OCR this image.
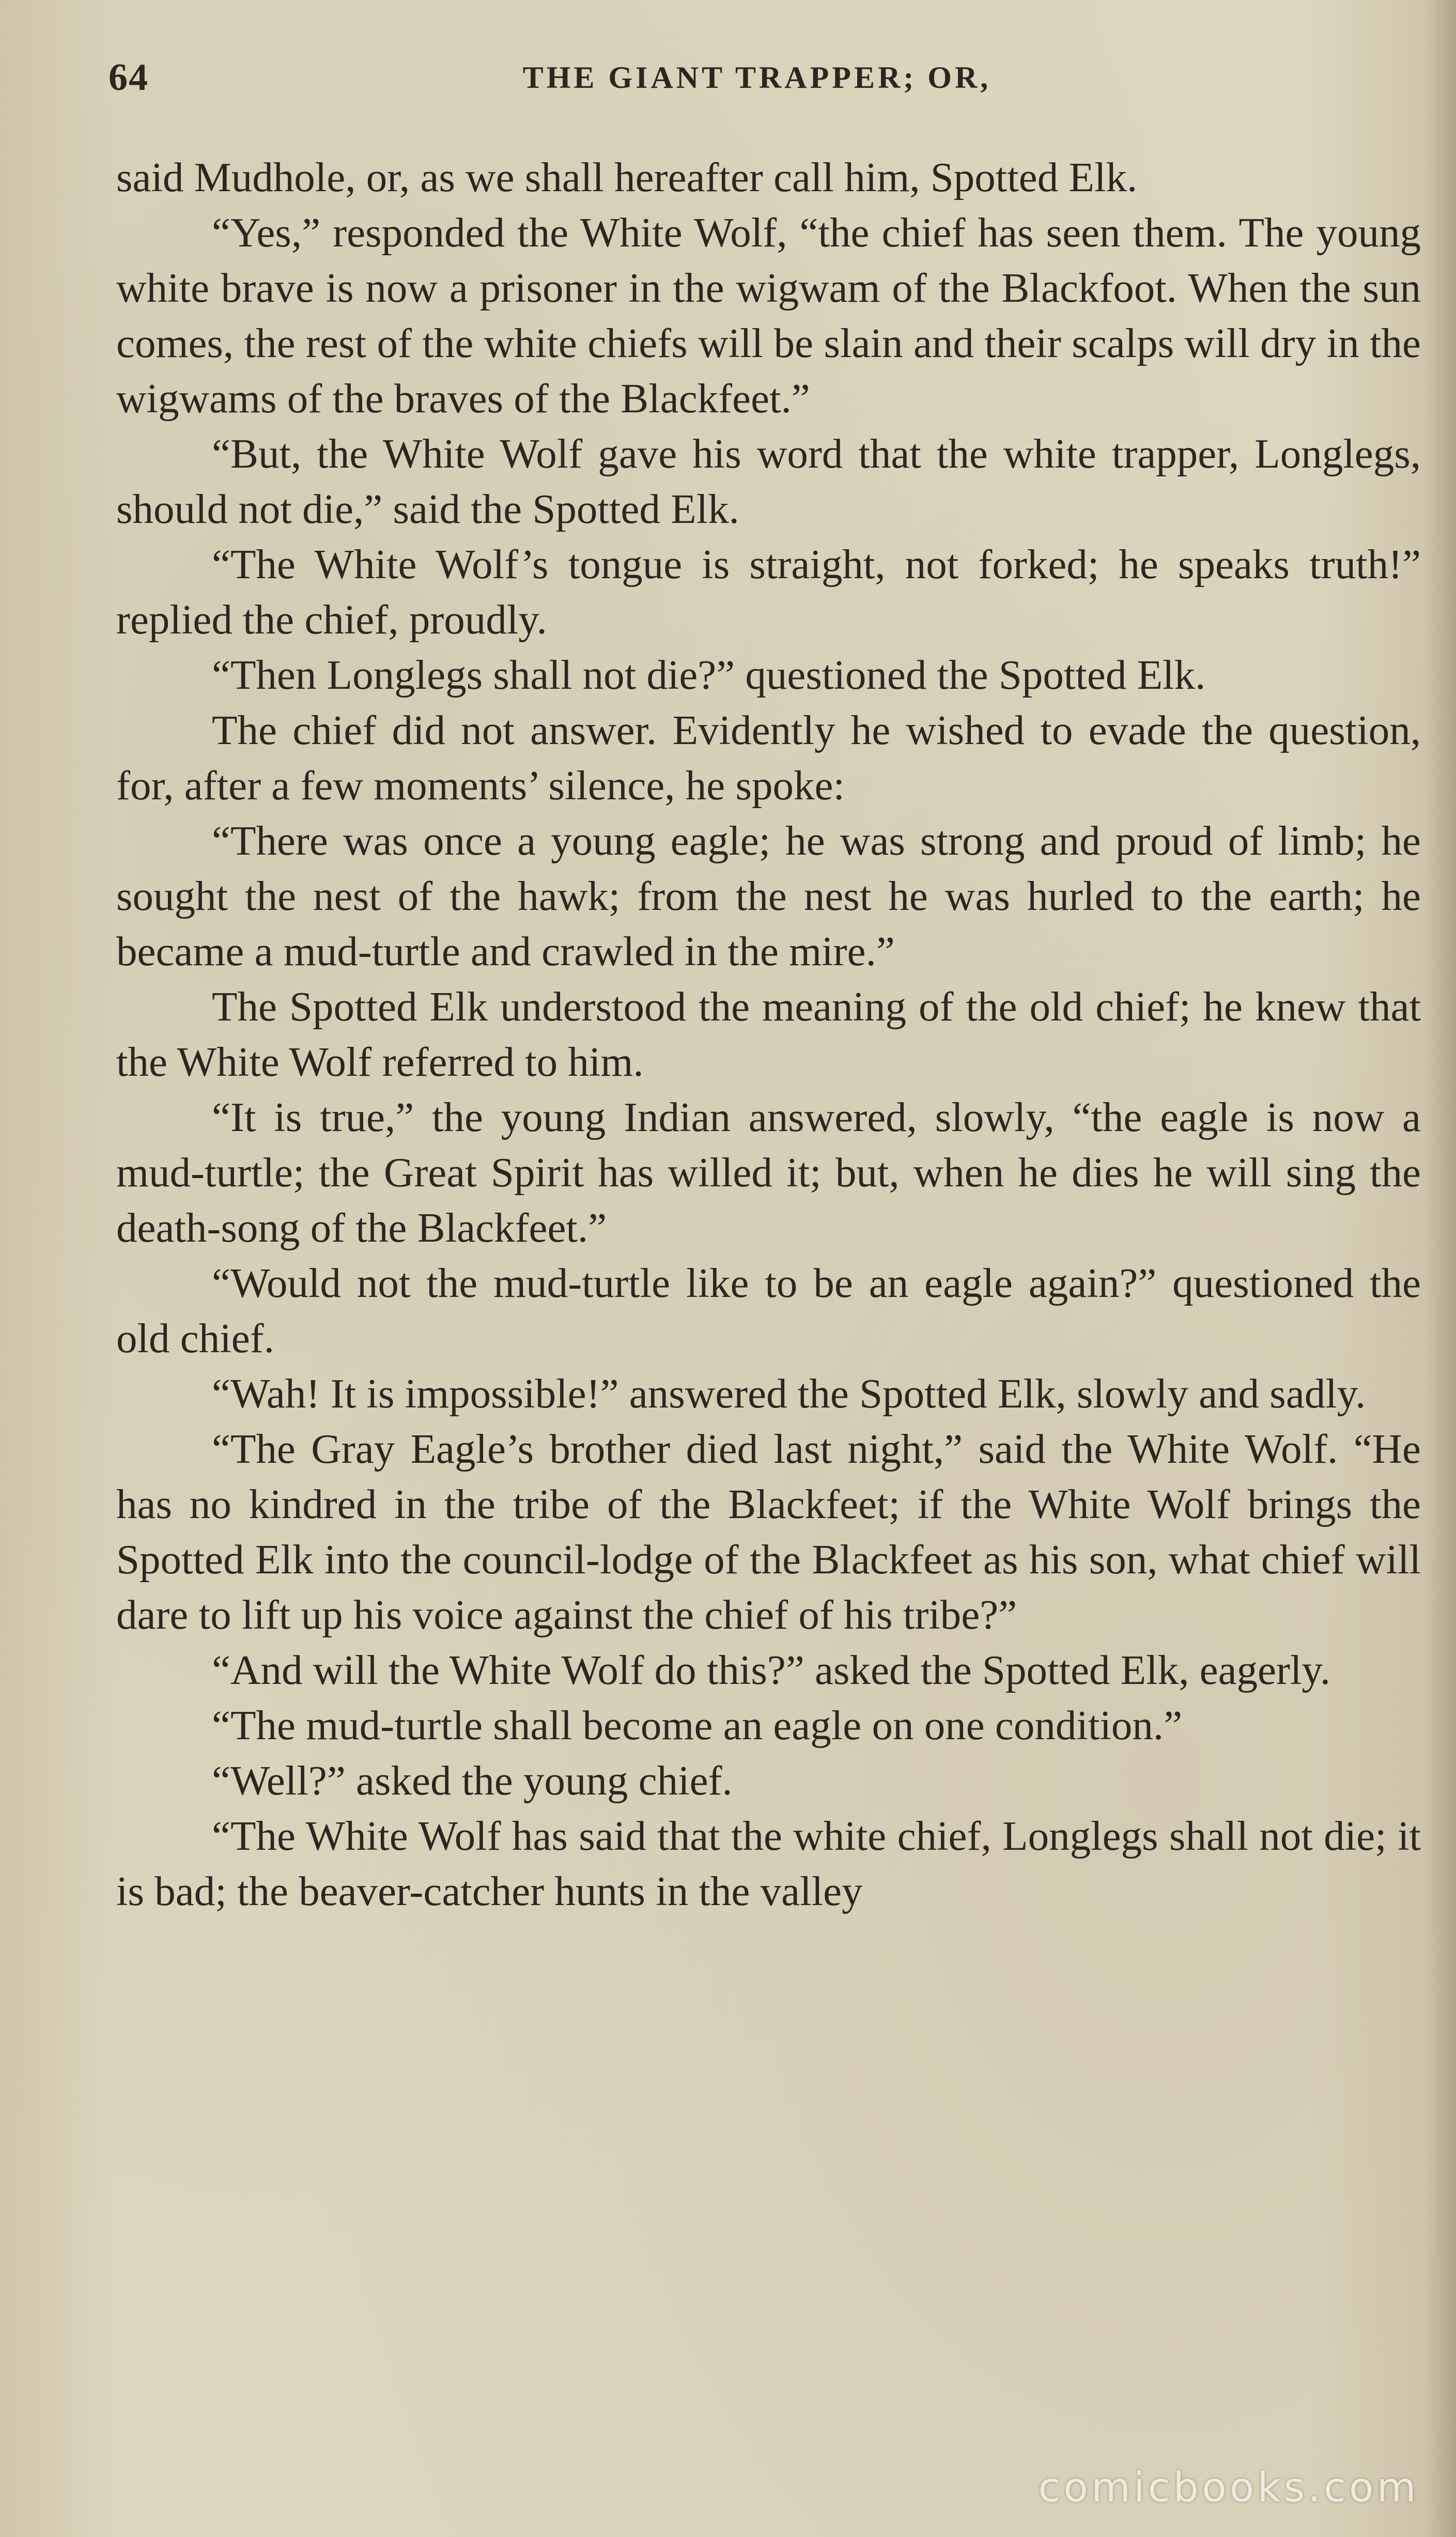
64	THE GIANT TRAPPER; OR,

said Mudhole, or, as we shall hereafter call him, Spotted Elk.

“Yes,” responded the White Wolf, “the chief has seen them. The young white brave is now a prisoner in the wigwam of the Blackfoot. When the sun comes, the rest of the white chiefs will be slain and their scalps will dry in the wigwams of the braves of the Blackfeet.”

“But, the White Wolf gave his word that the white trapper, Longlegs, should not die,” said the Spotted Elk.

“The White Wolf’s tongue is straight, not forked; he speaks truth!” replied the chief, proudly.

“Then Longlegs shall not die?” questioned the Spotted Elk.

The chief did not answer. Evidently he wished to evade the question, for, after a few moments’ silence, he spoke:

“There was once a young eagle; he was strong and proud of limb; he sought the nest of the hawk; from the nest he was hurled to the earth; he became a mud-turtle and crawled in the mire.”

The Spotted Elk understood the meaning of the old chief; he knew that the White Wolf referred to him.

“It is true,” the young Indian answered, slowly, “the eagle is now a mud-turtle; the Great Spirit has willed it; but, when he dies he will sing the death-song of the Blackfeet.”

“Would not the mud-turtle like to be an eagle again?” questioned the old chief.

“Wah! It is impossible!” answered the Spotted Elk, slowly and sadly.

“The Gray Eagle’s brother died last night,” said the White Wolf. “He has no kindred in the tribe of the Blackfeet; if the White Wolf brings the Spotted Elk into the council-lodge of the Blackfeet as his son, what chief will dare to lift up his voice against the chief of his tribe?”

“And will the White Wolf do this?” asked the Spotted Elk, eagerly.

“The mud-turtle shall become an eagle on one condition.”

“Well?” asked the young chief.

“The White Wolf has said that the white chief, Longlegs shall not die; it is bad; the beaver-catcher hunts in the valley

comicbooks.com
